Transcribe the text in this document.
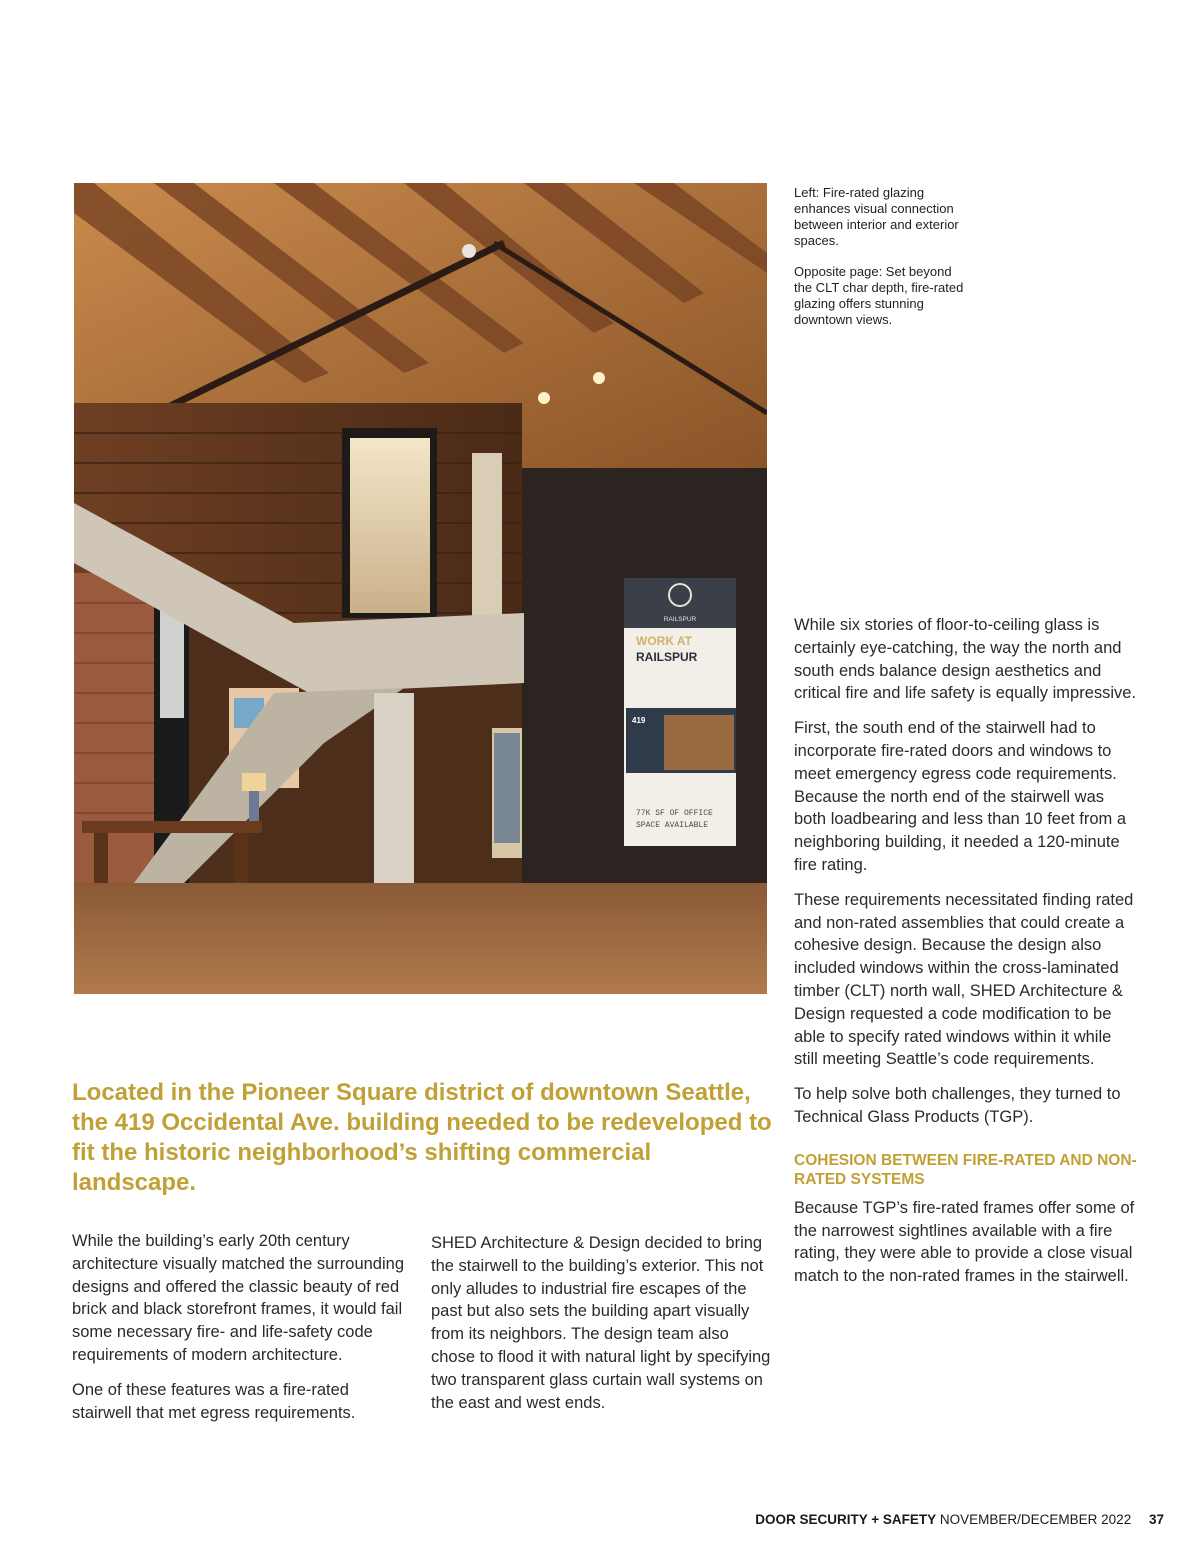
RAILSPUR
WORK AT
RAILSPUR
419
77K SF OF OFFICE
SPACE AVAILABLE

Left: Fire-rated glazing enhances visual connection between interior and exterior spaces.

Opposite page: Set beyond the CLT char depth, fire-rated glazing offers stunning downtown views.

Located in the Pioneer Square district of downtown Seattle, the 419 Occidental Ave. building needed to be redeveloped to fit the historic neighborhood’s shifting commercial landscape.

While the building’s early 20th century architecture visually matched the surrounding designs and offered the classic beauty of red brick and black storefront frames, it would fail some necessary fire- and life-safety code requirements of modern architecture.

One of these features was a fire-rated stairwell that met egress requirements.

SHED Architecture & Design decided to bring the stairwell to the building’s exterior. This not only alludes to industrial fire escapes of the past but also sets the building apart visually from its neighbors. The design team also chose to flood it with natural light by specifying two transparent glass curtain wall systems on the east and west ends.

While six stories of floor-to-ceiling glass is certainly eye-catching, the way the north and south ends balance design aesthetics and critical fire and life safety is equally impressive.

First, the south end of the stairwell had to incorporate fire-rated doors and windows to meet emergency egress code requirements. Because the north end of the stairwell was both loadbearing and less than 10 feet from a neighboring building, it needed a 120-minute fire rating.

These requirements necessitated finding rated and non-rated assemblies that could create a cohesive design. Because the design also included windows within the cross-laminated timber (CLT) north wall, SHED Architecture & Design requested a code modification to be able to specify rated windows within it while still meeting Seattle’s code requirements.

To help solve both challenges, they turned to Technical Glass Products (TGP).

COHESION BETWEEN FIRE-RATED AND NON-RATED SYSTEMS

Because TGP’s fire-rated frames offer some of the narrowest sightlines available with a fire rating, they were able to provide a close visual match to the non-rated frames in the stairwell.

DOOR SECURITY + SAFETY NOVEMBER/DECEMBER 2022 37
